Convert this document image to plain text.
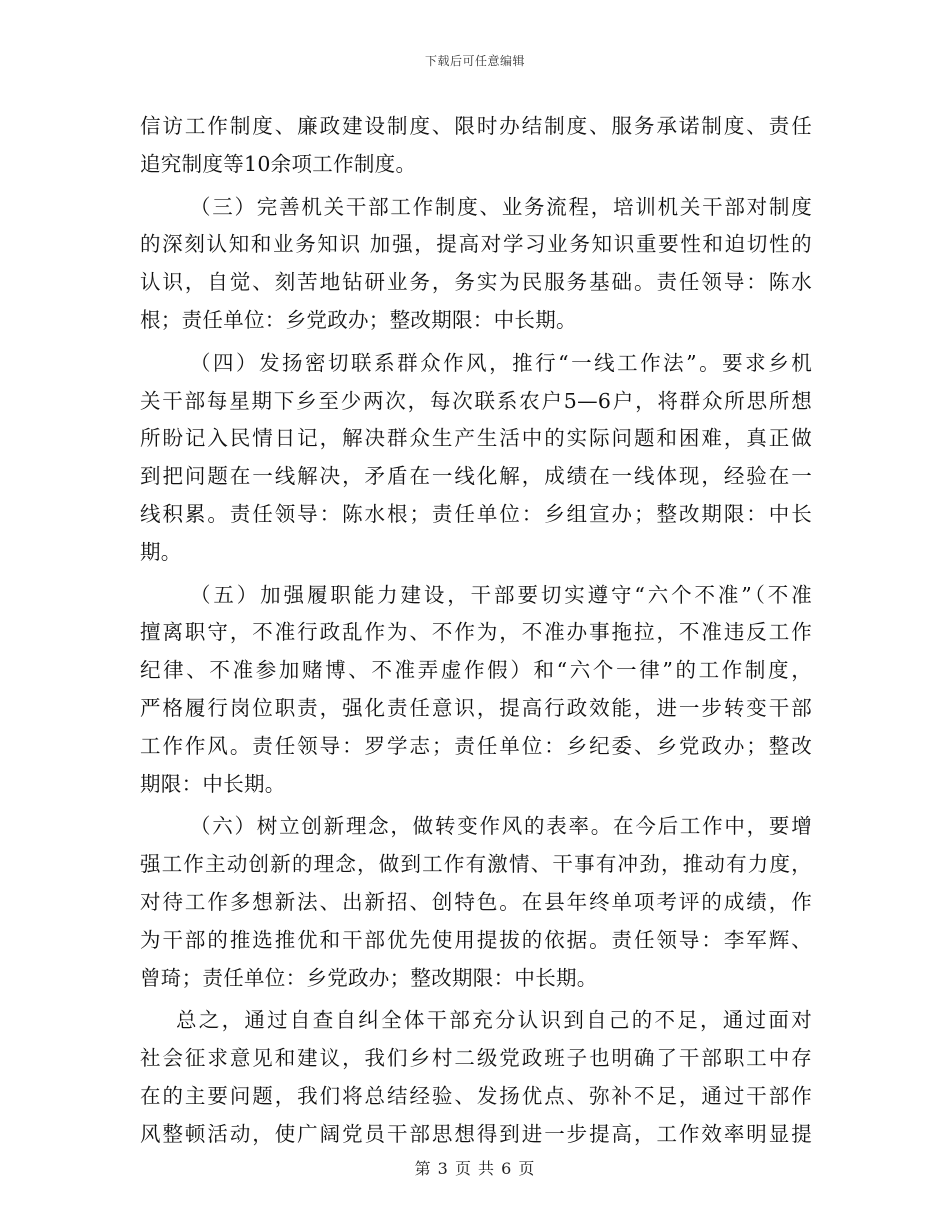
下载后可任意编辑
信访工作制度、廉政建设制度、限时办结制度、服务承诺制度、责任
追究制度等10余项工作制度。
（三）完善机关干部工作制度、业务流程，培训机关干部对制度
的深刻认知和业务知识 加强，提高对学习业务知识重要性和迫切性的
认识，自觉、刻苦地钻研业务，务实为民服务基础。责任领导：陈水
根；责任单位：乡党政办；整改期限：中长期。
（四）发扬密切联系群众作风，推行“一线工作法”。要求乡机
关干部每星期下乡至少两次，每次联系农户5—6户，将群众所思所想
所盼记入民情日记，解决群众生产生活中的实际问题和困难，真正做
到把问题在一线解决，矛盾在一线化解，成绩在一线体现，经验在一
线积累。责任领导：陈水根；责任单位：乡组宣办；整改期限：中长
期。
（五）加强履职能力建设，干部要切实遵守“六个不准”（不准
擅离职守，不准行政乱作为、不作为，不准办事拖拉，不准违反工作
纪律、不准参加赌博、不准弄虚作假）和“六个一律”的工作制度，
严格履行岗位职责，强化责任意识，提高行政效能，进一步转变干部
工作作风。责任领导：罗学志；责任单位：乡纪委、乡党政办；整改
期限：中长期。
（六）树立创新理念，做转变作风的表率。在今后工作中，要增
强工作主动创新的理念，做到工作有激情、干事有冲劲，推动有力度，
对待工作多想新法、出新招、创特色。在县年终单项考评的成绩，作
为干部的推选推优和干部优先使用提拔的依据。责任领导：李军辉、
曾琦；责任单位：乡党政办；整改期限：中长期。
总之，通过自查自纠全体干部充分认识到自己的不足，通过面对
社会征求意见和建议，我们乡村二级党政班子也明确了干部职工中存
在的主要问题，我们将总结经验、发扬优点、弥补不足，通过干部作
风整顿活动，使广阔党员干部思想得到进一步提高，工作效率明显提
第 3 页 共 6 页
